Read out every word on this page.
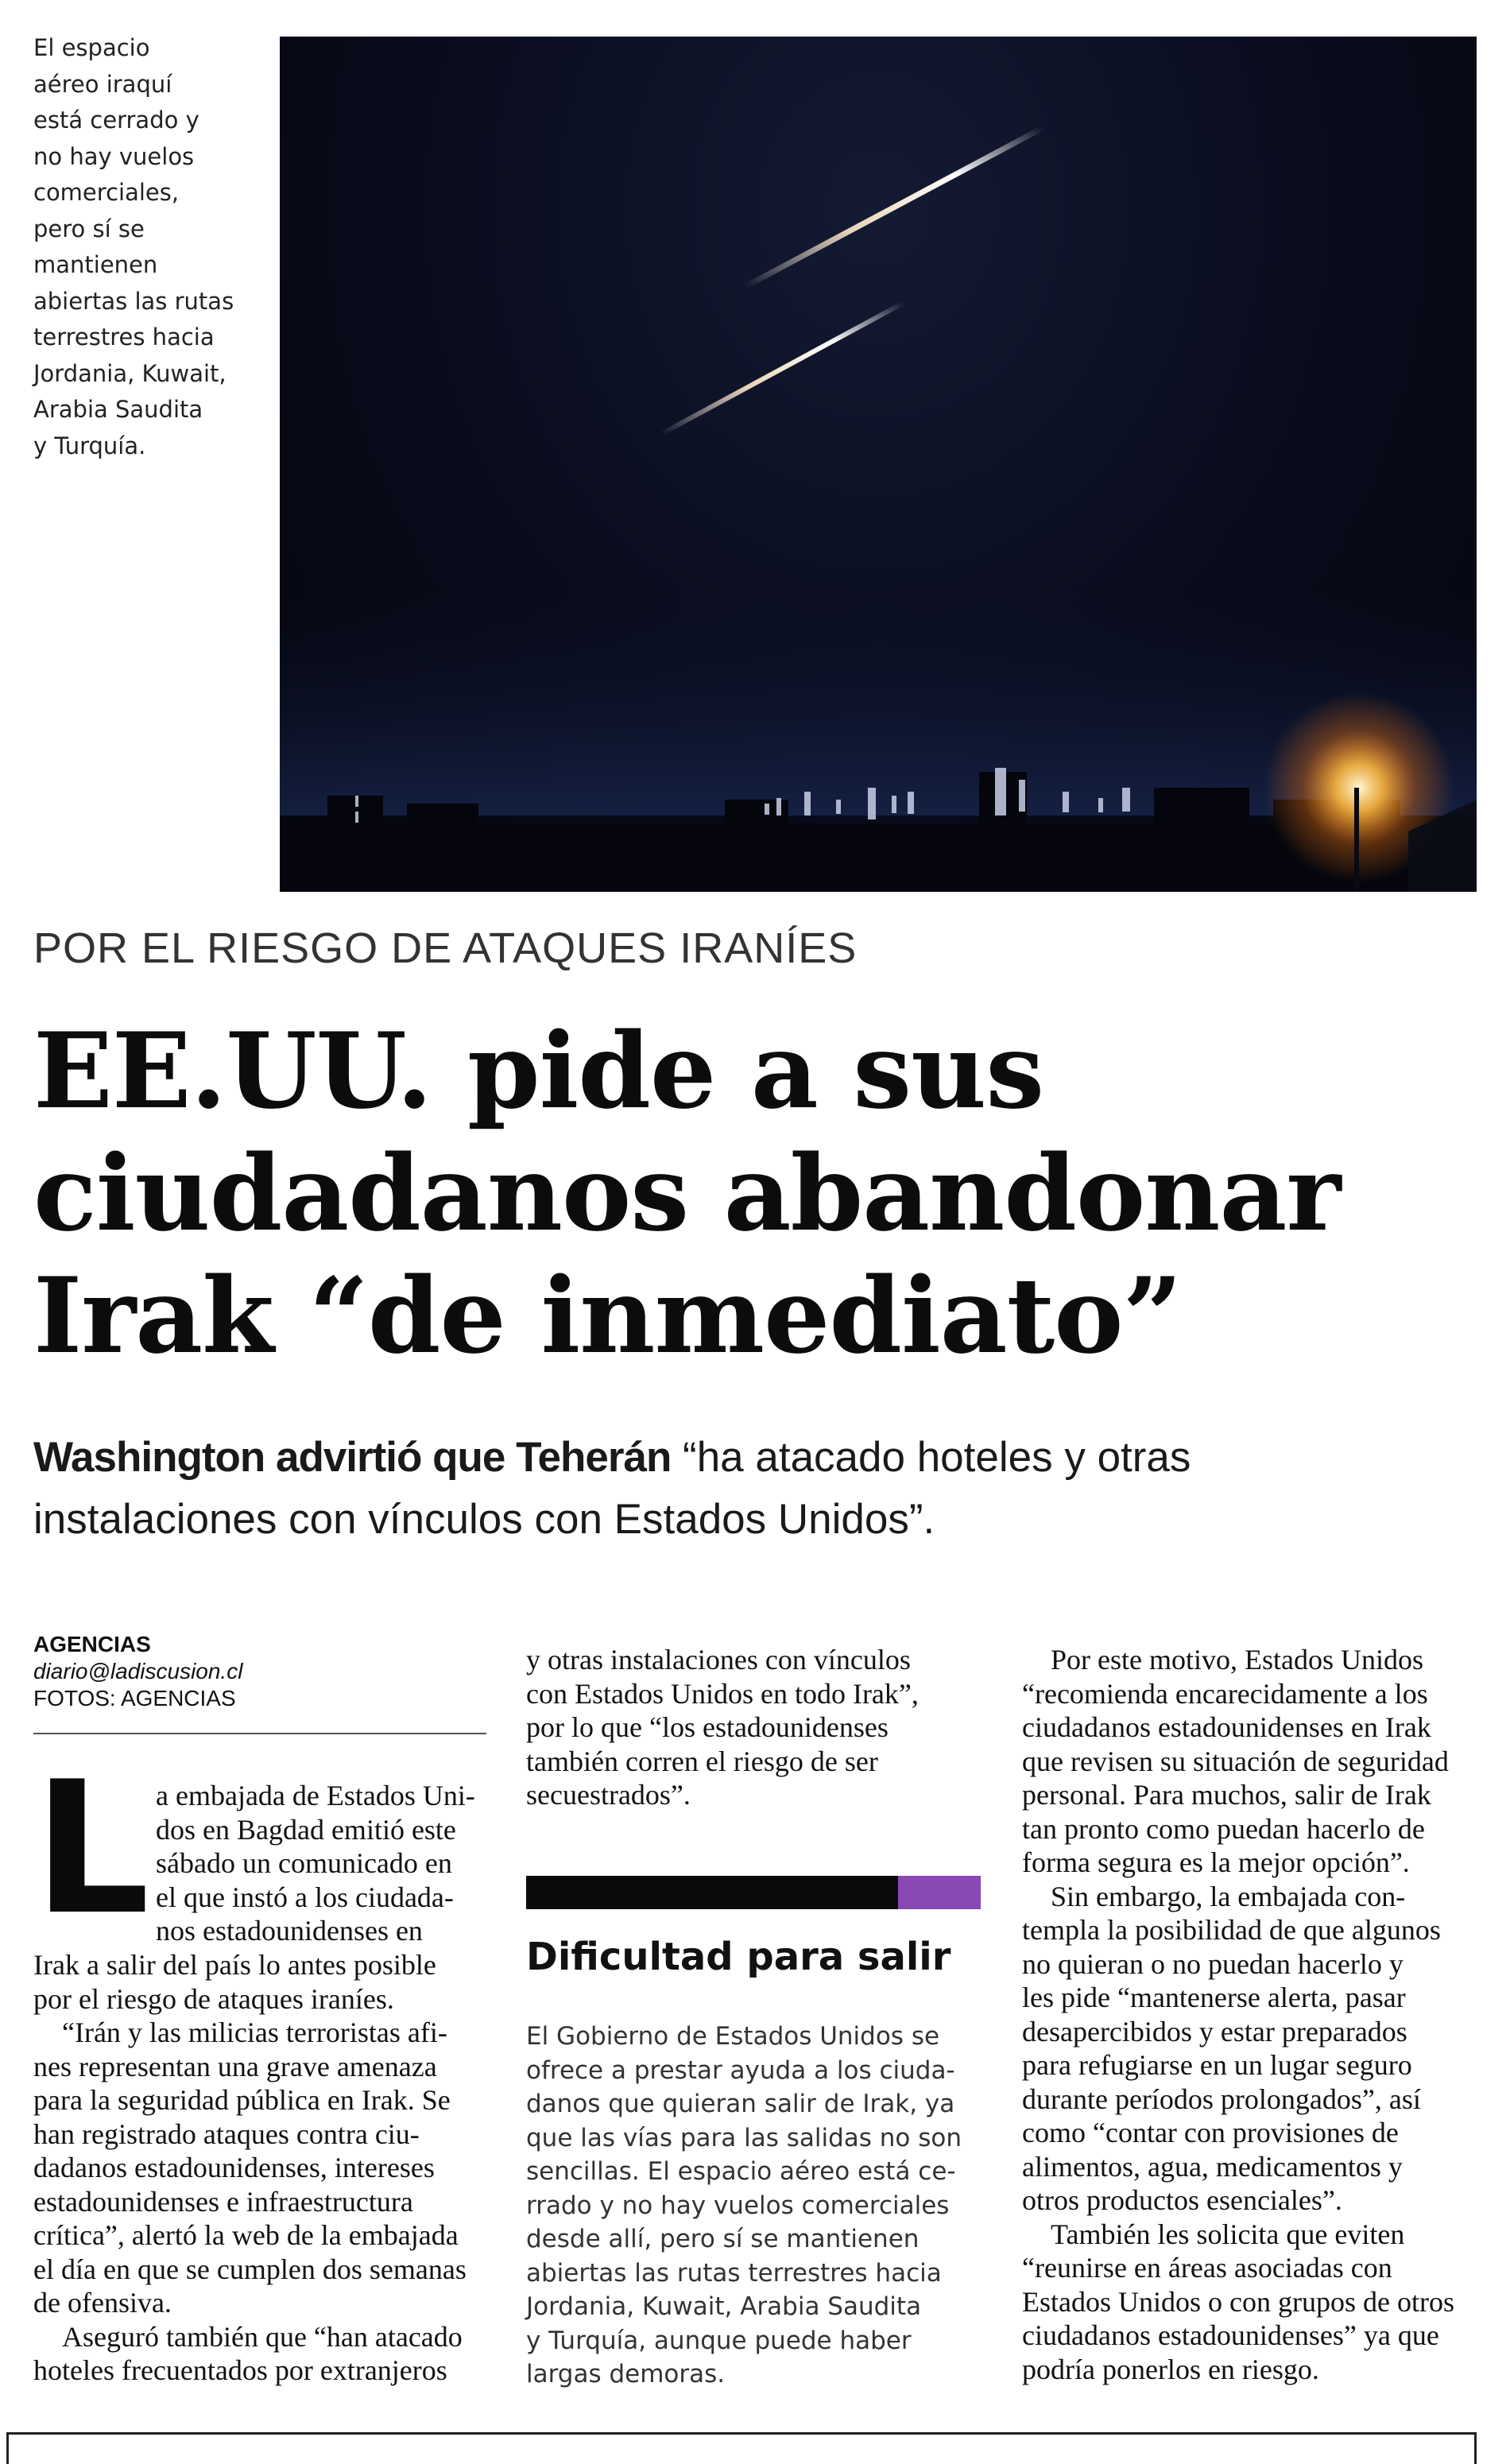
El espacio
aéreo iraquí
está cerrado y
no hay vuelos
comerciales,
pero sí se
mantienen
abiertas las rutas
terrestres hacia
Jordania, Kuwait,
Arabia Saudita
y Turquía.

POR EL RIESGO DE ATAQUES IRANÍES

EE.UU. pide a sus
ciudadanos abandonar
Irak “de inmediato”

Washington advirtió que Teherán “ha atacado hoteles y otras
instalaciones con vínculos con Estados Unidos”.

AGENCIAS
diario@ladiscusion.cl
FOTOS: AGENCIAS
L a embajada de Estados Uni-
dos en Bagdad emitió este
sábado un comunicado en
el que instó a los ciudada-
nos estadounidenses en
Irak a salir del país lo antes posible
por el riesgo de ataques iraníes.
“Irán y las milicias terroristas afi-
nes representan una grave amenaza
para la seguridad pública en Irak. Se
han registrado ataques contra ciu-
dadanos estadounidenses, intereses
estadounidenses e infraestructura
crítica”, alertó la web de la embajada
el día en que se cumplen dos semanas
de ofensiva.
Aseguró también que “han atacado
hoteles frecuentados por extranjeros
y otras instalaciones con vínculos
con Estados Unidos en todo Irak”,
por lo que “los estadounidenses
también corren el riesgo de ser
secuestrados”.
Dificultad para salir
El Gobierno de Estados Unidos se
ofrece a prestar ayuda a los ciuda-
danos que quieran salir de Irak, ya
que las vías para las salidas no son
sencillas. El espacio aéreo está ce-
rrado y no hay vuelos comerciales
desde allí, pero sí se mantienen
abiertas las rutas terrestres hacia
Jordania, Kuwait, Arabia Saudita
y Turquía, aunque puede haber
largas demoras.
Por este motivo, Estados Unidos
“recomienda encarecidamente a los
ciudadanos estadounidenses en Irak
que revisen su situación de seguridad
personal. Para muchos, salir de Irak
tan pronto como puedan hacerlo de
forma segura es la mejor opción”.
Sin embargo, la embajada con-
templa la posibilidad de que algunos
no quieran o no puedan hacerlo y
les pide “mantenerse alerta, pasar
desapercibidos y estar preparados
para refugiarse en un lugar seguro
durante períodos prolongados”, así
como “contar con provisiones de
alimentos, agua, medicamentos y
otros productos esenciales”.
También les solicita que eviten
“reunirse en áreas asociadas con
Estados Unidos o con grupos de otros
ciudadanos estadounidenses” ya que
podría ponerlos en riesgo.
